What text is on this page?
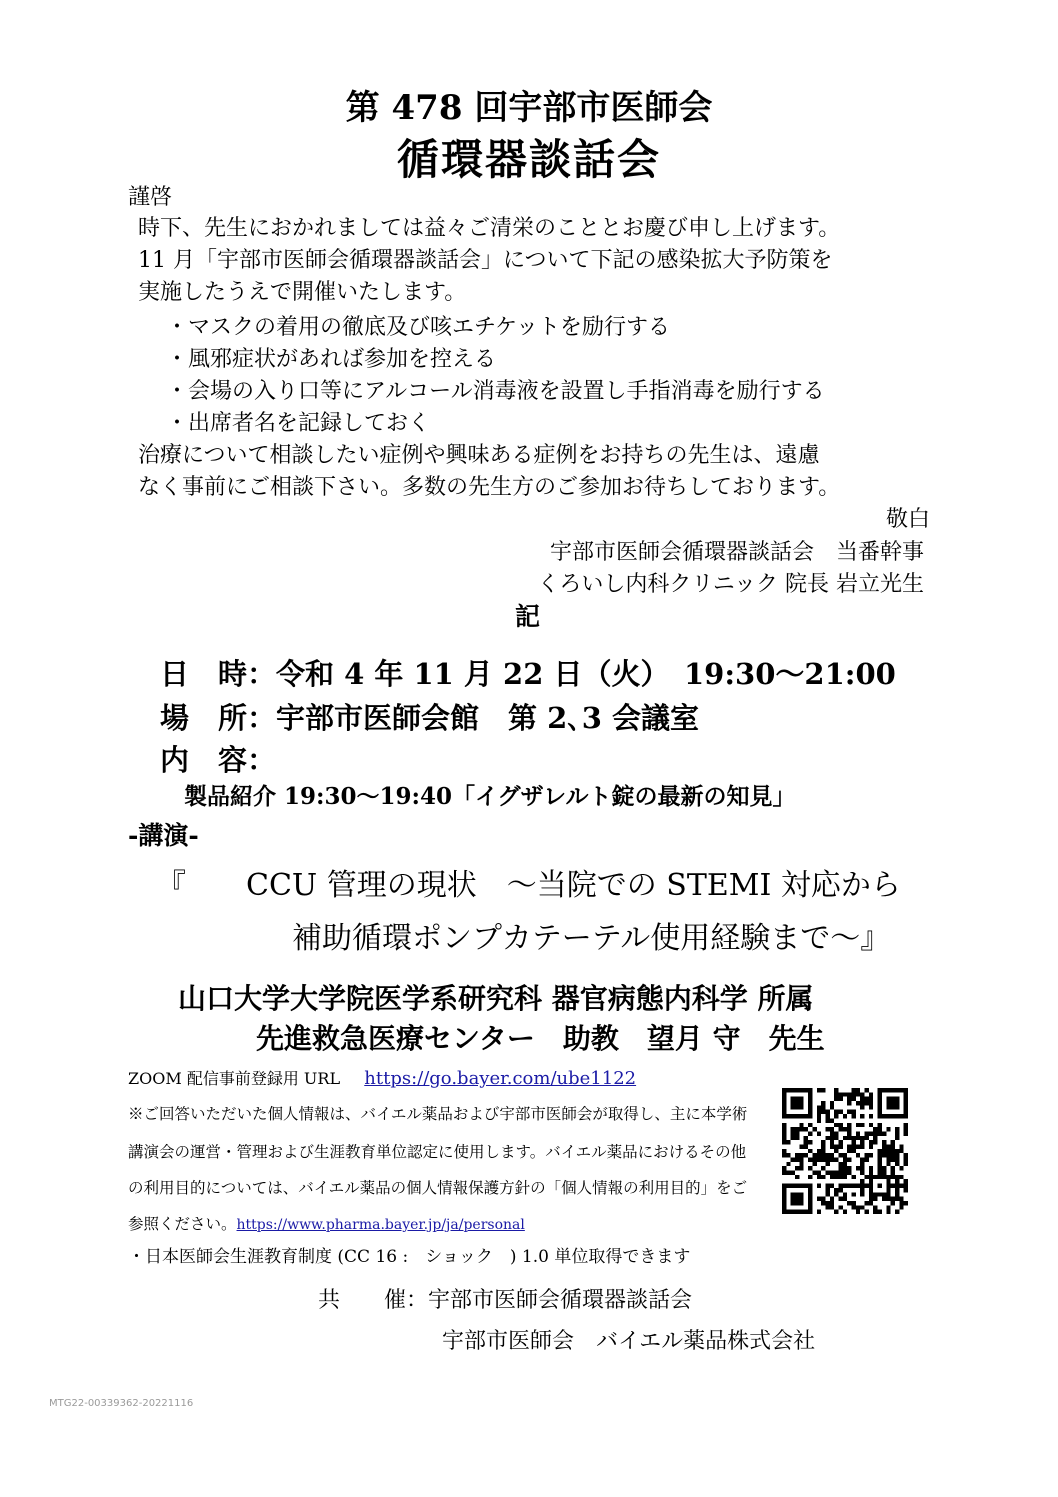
第 478 回宇部市医師会
循環器談話会
謹啓
時下、先生におかれましては益々ご清栄のこととお慶び申し上げます。
11 月「宇部市医師会循環器談話会」について下記の感染拡大予防策を
実施したうえで開催いたします。
・マスクの着用の徹底及び咳エチケットを励行する
・風邪症状があれば参加を控える
・会場の入り口等にアルコール消毒液を設置し手指消毒を励行する
・出席者名を記録しておく
治療について相談したい症例や興味ある症例をお持ちの先生は、遠慮
なく事前にご相談下さい。多数の先生方のご参加お待ちしております。
敬白
宇部市医師会循環器談話会　当番幹事
くろいし内科クリニック 院長 岩立光生
記
日　時：令和 4 年 11 月 22 日（火）　19:30～21:00
場　所：宇部市医師会館　第 2､3 会議室
内　容：
製品紹介 19:30～19:40「イグザレルト錠の最新の知見」
-講演-
『　　CCU 管理の現状　～当院での STEMI 対応から
補助循環ポンプカテーテル使用経験まで～』
山口大学大学院医学系研究科 器官病態内科学 所属
先進救急医療センター　助教　望月 守　先生
ZOOM 配信事前登録用 URL https://go.bayer.com/ube1122
※ご回答いただいた個人情報は、バイエル薬品および宇部市医師会が取得し、主に本学術
講演会の運営・管理および生涯教育単位認定に使用します。バイエル薬品におけるその他
の利用目的については、バイエル薬品の個人情報保護方針の「個人情報の利用目的」をご
参照ください。https://www.pharma.bayer.jp/ja/personal
・日本医師会生涯教育制度 (CC 16 :　ショック　) 1.0 単位取得できます
共　　催：宇部市医師会循環器談話会
宇部市医師会　バイエル薬品株式会社
MTG22-00339362-20221116
